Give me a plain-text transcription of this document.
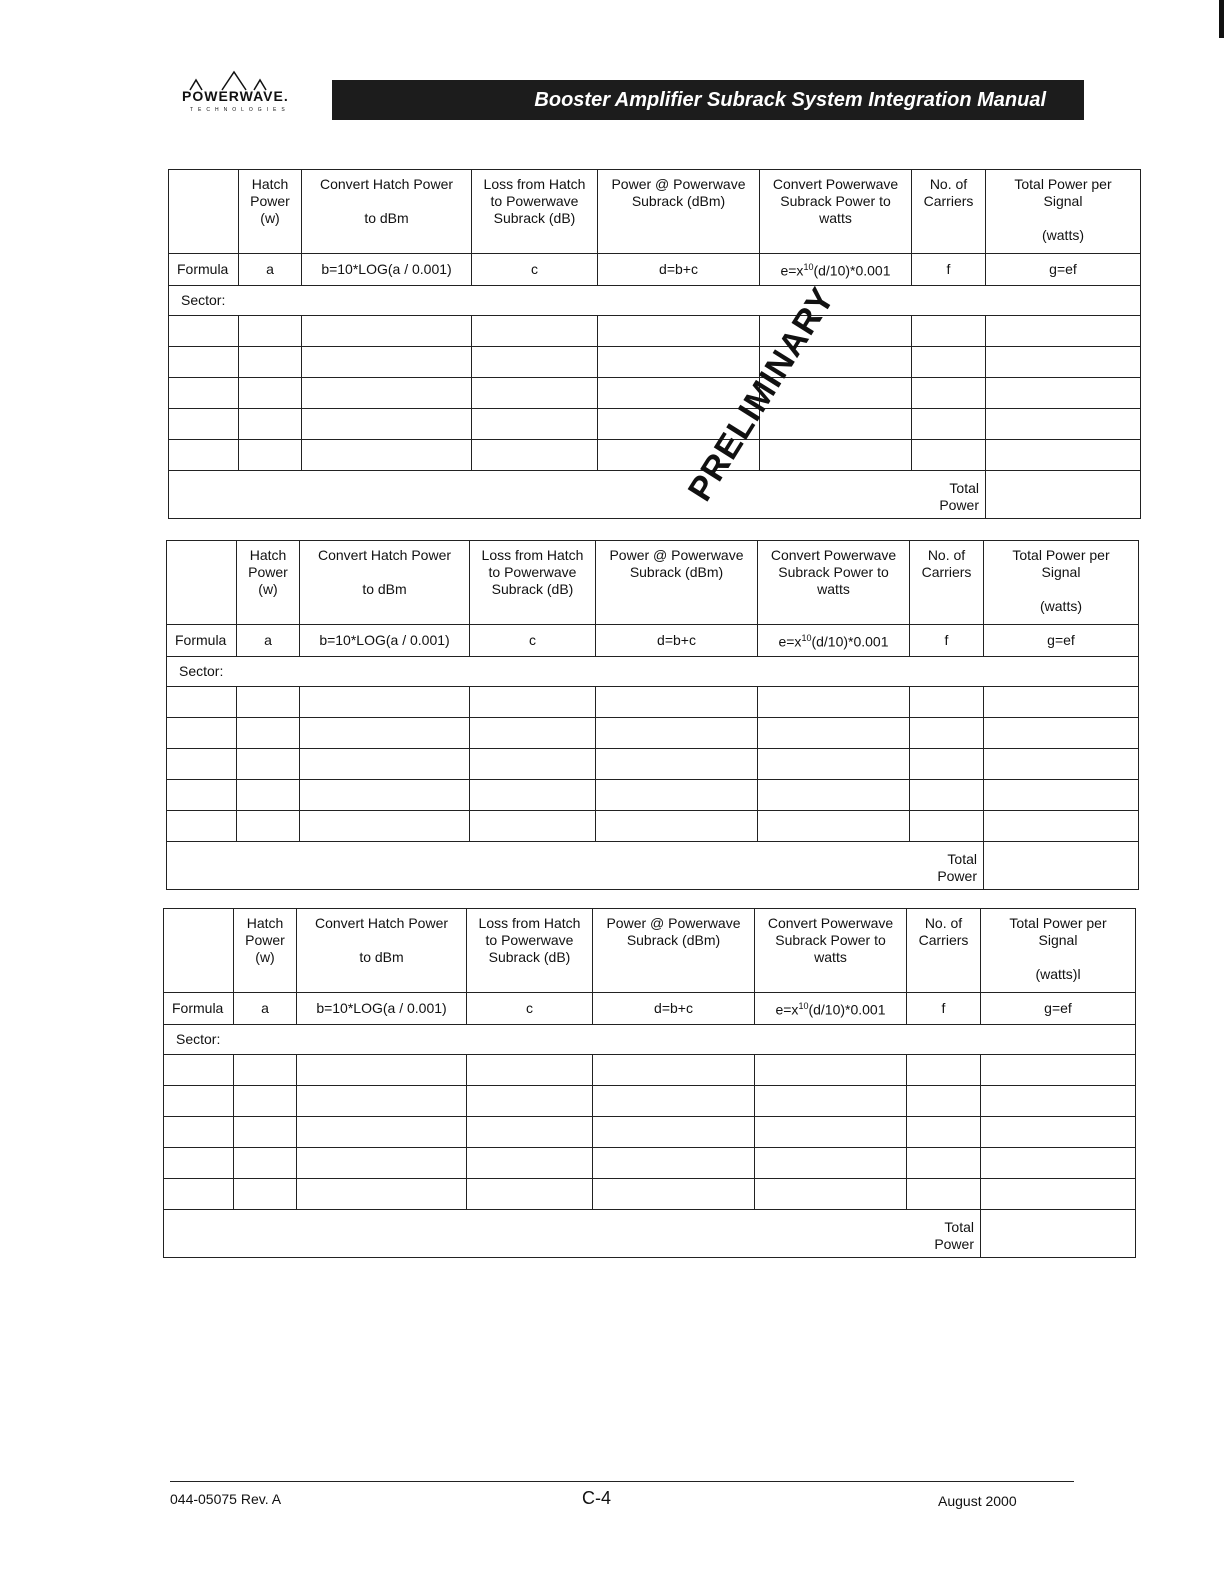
POWERWAVE.
TECHNOLOGIES	Booster Amplifier Subrack System Integration Manual
	Hatch
Power
(w)	Convert Hatch Power

to dBm	Loss from Hatch
to Powerwave
Subrack (dB)	Power @ Powerwave
Subrack (dBm)	Convert Powerwave
Subrack Power to
watts	No. of
Carriers	Total Power per
Signal

(watts)
Formula	a	b=10*LOG(a / 0.001)	c	d=b+c	$e=x^{10}(d/10)*0.001$	f	g=ef
Sector:							

						Total Power	
PRELIMINARY
	Hatch
Power
(w)	Convert Hatch Power

to dBm	Loss from Hatch
to Powerwave
Subrack (dB)	Power @ Powerwave
Subrack (dBm)	Convert Powerwave
Subrack Power to
watts	No. of
Carriers	Total Power per
Signal

(watts)
Formula	a	b=10*LOG(a / 0.001)	c	d=b+c	$e=x^{10}(d/10)*0.001$	f	g=ef
Sector:							

						Total Power	
	Hatch
Power
(w)	Convert Hatch Power

to dBm	Loss from Hatch
to Powerwave
Subrack (dB)	Power @ Powerwave
Subrack (dBm)	Convert Powerwave
Subrack Power to
watts	No. of
Carriers	Total Power per
Signal

(watts)l
Formula	a	b=10*LOG(a / 0.001)	c	d=b+c	$e=x^{10}(d/10)*0.001$	f	g=ef
Sector:							

						Total Power	
044-05075 Rev. A	C-4	August 2000
